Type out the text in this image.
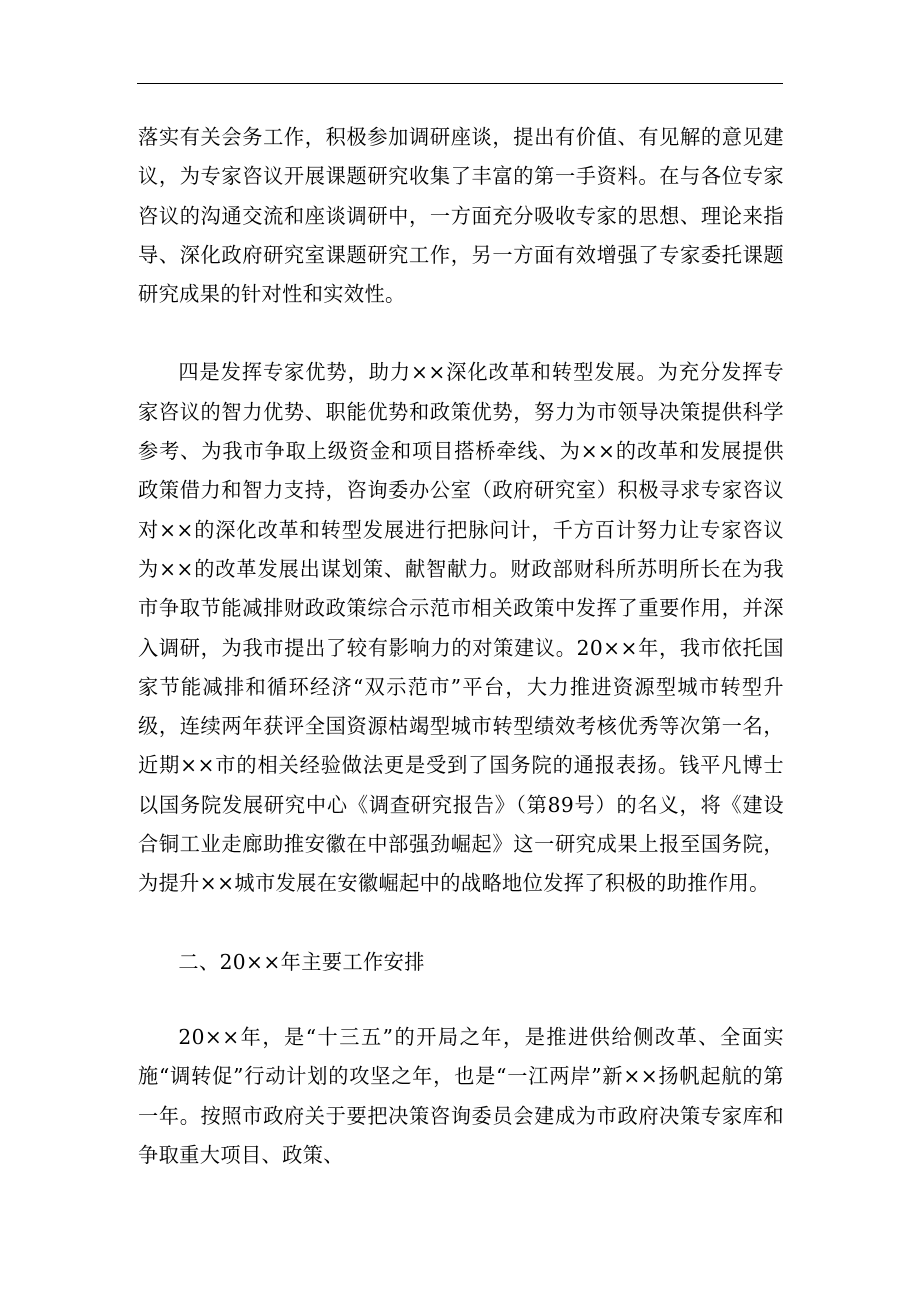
落实有关会务工作，积极参加调研座谈，提出有价值、有见解的意见建议，为专家咨议开展课题研究收集了丰富的第一手资料。在与各位专家咨议的沟通交流和座谈调研中，一方面充分吸收专家的思想、理论来指导、深化政府研究室课题研究工作，另一方面有效增强了专家委托课题研究成果的针对性和实效性。

四是发挥专家优势，助力××深化改革和转型发展。为充分发挥专家咨议的智力优势、职能优势和政策优势，努力为市领导决策提供科学参考、为我市争取上级资金和项目搭桥牵线、为××的改革和发展提供政策借力和智力支持，咨询委办公室（政府研究室）积极寻求专家咨议对××的深化改革和转型发展进行把脉问计，千方百计努力让专家咨议为××的改革发展出谋划策、献智献力。财政部财科所苏明所长在为我市争取节能减排财政政策综合示范市相关政策中发挥了重要作用，并深入调研，为我市提出了较有影响力的对策建议。20××年，我市依托国家节能减排和循环经济“双示范市”平台，大力推进资源型城市转型升级，连续两年获评全国资源枯竭型城市转型绩效考核优秀等次第一名，近期××市的相关经验做法更是受到了国务院的通报表扬。钱平凡博士以国务院发展研究中心《调查研究报告》（第89号）的名义，将《建设合铜工业走廊助推安徽在中部强劲崛起》这一研究成果上报至国务院，为提升××城市发展在安徽崛起中的战略地位发挥了积极的助推作用。

二、20××年主要工作安排

20××年，是“十三五”的开局之年，是推进供给侧改革、全面实施“调转促”行动计划的攻坚之年，也是“一江两岸”新××扬帆起航的第一年。按照市政府关于要把决策咨询委员会建成为市政府决策专家库和争取重大项目、政策、
